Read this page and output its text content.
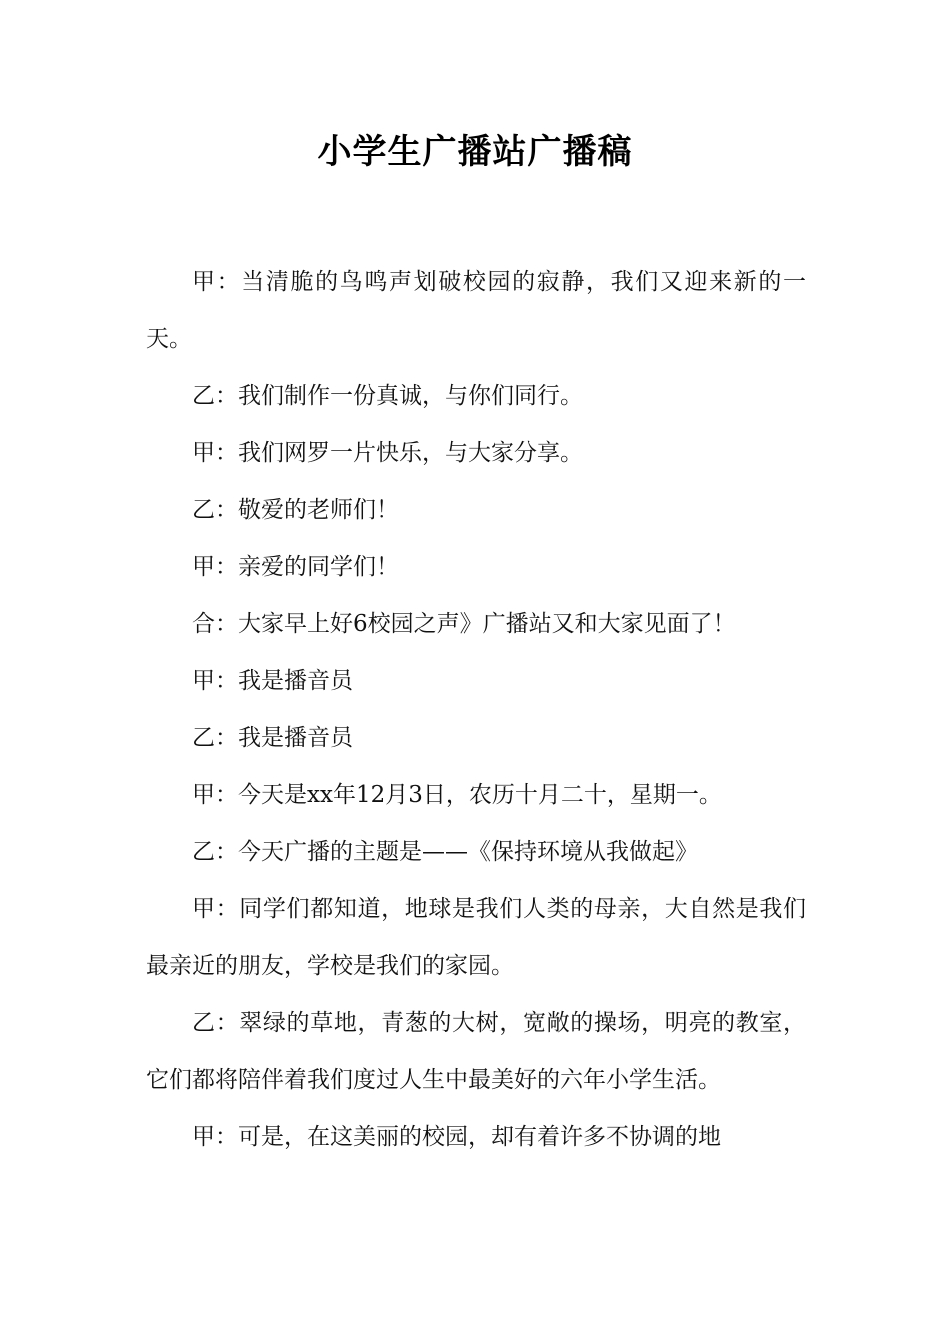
小学生广播站广播稿

甲：当清脆的鸟鸣声划破校园的寂静，我们又迎来新的一天。

乙：我们制作一份真诚，与你们同行。

甲：我们网罗一片快乐，与大家分享。

乙：敬爱的老师们！

甲：亲爱的同学们！

合：大家早上好6校园之声》广播站又和大家见面了！

甲：我是播音员

乙：我是播音员

甲：今天是xx年12月3日，农历十月二十，星期一。

乙：今天广播的主题是——《保持环境从我做起》

甲：同学们都知道，地球是我们人类的母亲，大自然是我们最亲近的朋友，学校是我们的家园。

乙：翠绿的草地，青葱的大树，宽敞的操场，明亮的教室，它们都将陪伴着我们度过人生中最美好的六年小学生活。

甲：可是，在这美丽的校园，却有着许多不协调的地
